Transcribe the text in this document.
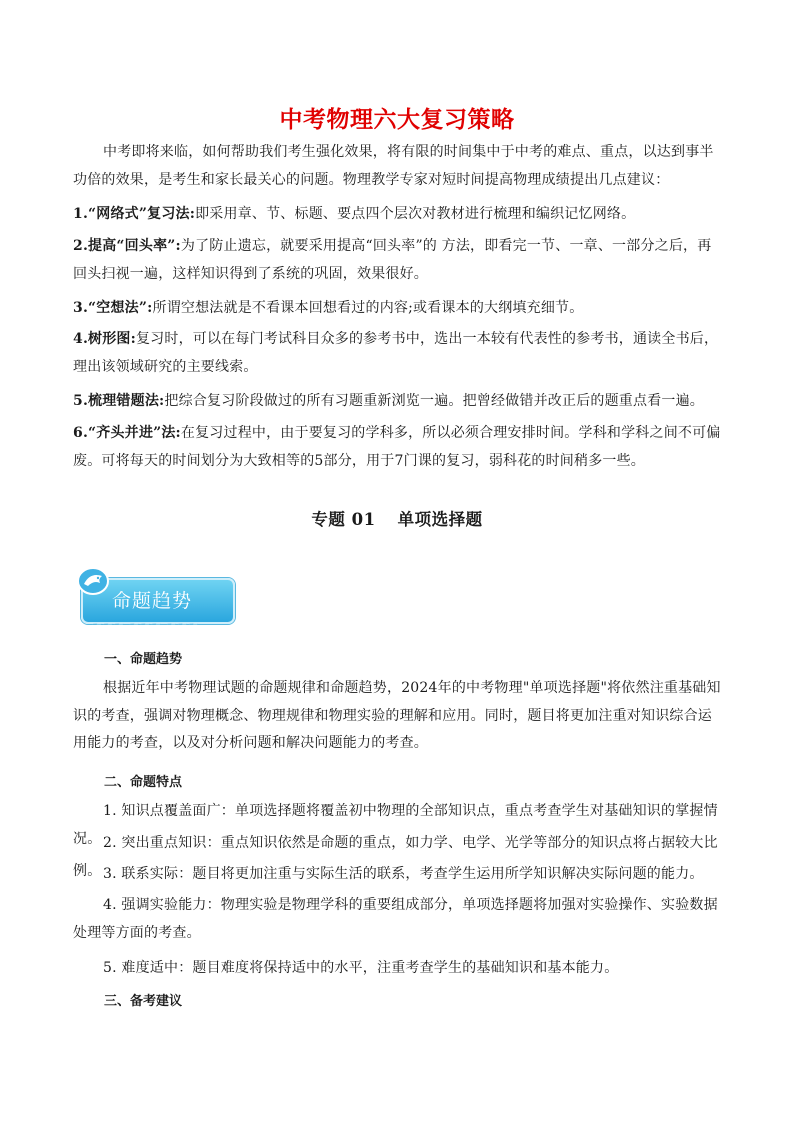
中考物理六大复习策略
中考即将来临，如何帮助我们考生强化效果，将有限的时间集中于中考的难点、重点，以达到事半功倍的效果，是考生和家长最关心的问题。物理教学专家对短时间提高物理成绩提出几点建议：
1.“网络式”复习法:即采用章、节、标题、要点四个层次对教材进行梳理和编织记忆网络。
2.提高“回头率”:为了防止遗忘，就要采用提高“回头率”的 方法，即看完一节、一章、一部分之后，再回头扫视一遍，这样知识得到了系统的巩固，效果很好。
3.“空想法”:所谓空想法就是不看课本回想看过的内容;或看课本的大纲填充细节。
4.树形图:复习时，可以在每门考试科目众多的参考书中，选出一本较有代表性的参考书，通读全书后，理出该领域研究的主要线索。
5.梳理错题法:把综合复习阶段做过的所有习题重新浏览一遍。把曾经做错并改正后的题重点看一遍。
6.“齐头并进”法:在复习过程中，由于要复习的学科多，所以必须合理安排时间。学科和学科之间不可偏废。可将每天的时间划分为大致相等的5部分，用于7门课的复习，弱科花的时间稍多一些。
专题 01 单项选择题
命题趋势
〜〜〜 〜〜〜 〜〜〜
一、命题趋势
根据近年中考物理试题的命题规律和命题趋势，2024年的中考物理"单项选择题"将依然注重基础知识的考查，强调对物理概念、物理规律和物理实验的理解和应用。同时，题目将更加注重对知识综合运用能力的考查，以及对分析问题和解决问题能力的考查。
二、命题特点
1. 知识点覆盖面广：单项选择题将覆盖初中物理的全部知识点，重点考查学生对基础知识的掌握情况。 2. 突出重点知识：重点知识依然是命题的重点，如力学、电学、光学等部分的知识点将占据较大比例。 3. 联系实际：题目将更加注重与实际生活的联系，考查学生运用所学知识解决实际问题的能力。
4. 强调实验能力：物理实验是物理学科的重要组成部分，单项选择题将加强对实验操作、实验数据处理等方面的考查。
5. 难度适中：题目难度将保持适中的水平，注重考查学生的基础知识和基本能力。
三、备考建议
